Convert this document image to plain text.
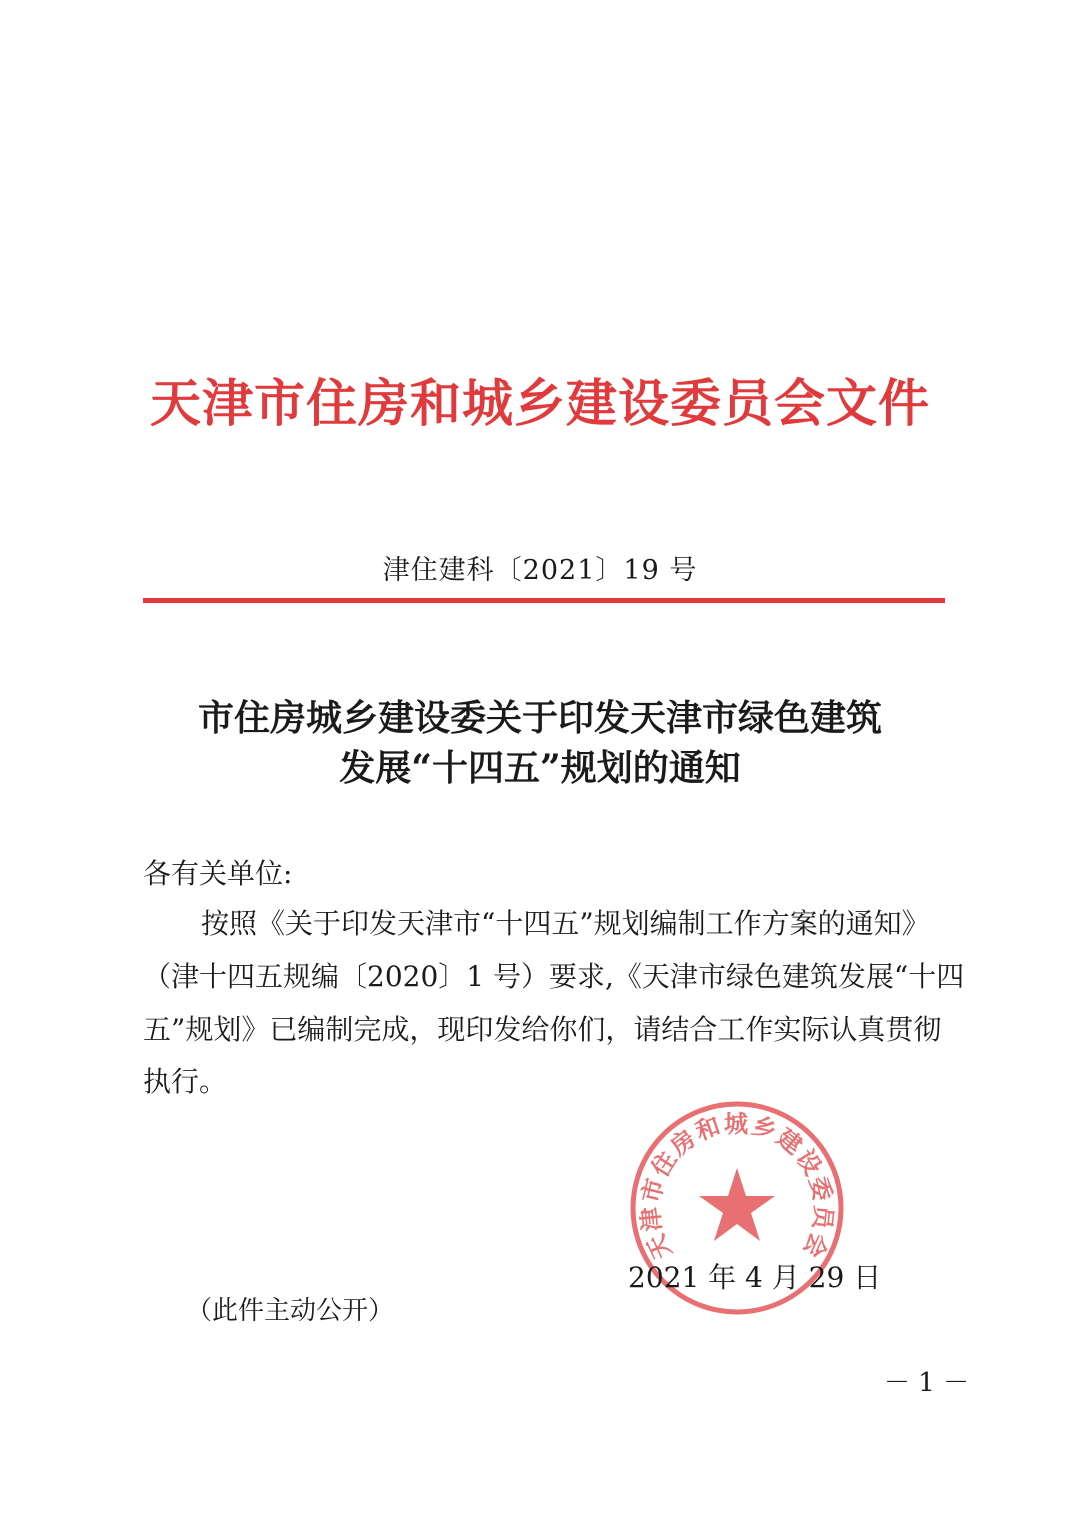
天津市住房和城乡建设委员会文件
津住建科〔2021〕19 号
市住房城乡建设委关于印发天津市绿色建筑
发展“十四五”规划的通知
各有关单位:
按照《关于印发天津市“十四五”规划编制工作方案的通知》
（津十四五规编〔2020〕1 号）要求,《天津市绿色建筑发展“十四
五”规划》已编制完成，现印发给你们，请结合工作实际认真贯彻
执行。
天津市住房和城乡建设委员会
2021 年 4 月 29 日
（此件主动公开）
－ 1 －
